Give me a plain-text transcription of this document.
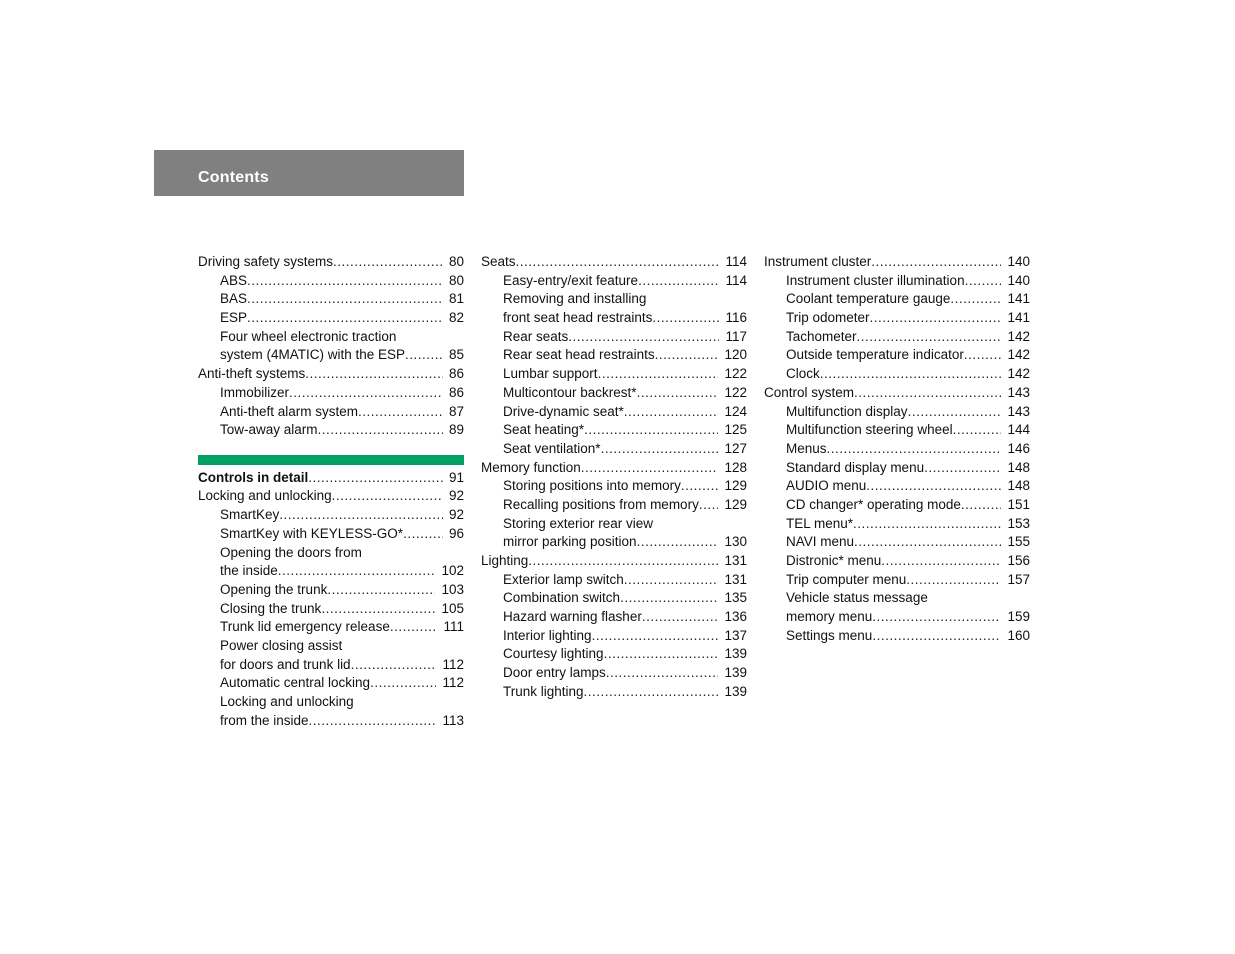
Contents
Driving safety systems .....	80
ABS .....	80
BAS .....	81
ESP .....	82
Four wheel electronic traction
system (4MATIC) with the ESP .....	85
Anti-theft systems .....	86
Immobilizer .....	86
Anti-theft alarm system .....	87
Tow-away alarm .....	89
Controls in detail .....	91
Locking and unlocking .....	92
SmartKey .....	92
SmartKey with KEYLESS-GO* .....	96
Opening the doors from
the inside .....	102
Opening the trunk .....	103
Closing the trunk .....	105
Trunk lid emergency release .....	111
Power closing assist
for doors and trunk lid .....	112
Automatic central locking .....	112
Locking and unlocking
from the inside .....	113
Seats .....	114
Easy-entry/exit feature .....	114
Removing and installing
front seat head restraints .....	116
Rear seats .....	117
Rear seat head restraints .....	120
Lumbar support .....	122
Multicontour backrest* .....	122
Drive-dynamic seat* .....	124
Seat heating* .....	125
Seat ventilation* .....	127
Memory function .....	128
Storing positions into memory .....	129
Recalling positions from memory .....	129
Storing exterior rear view
mirror parking position .....	130
Lighting .....	131
Exterior lamp switch .....	131
Combination switch .....	135
Hazard warning flasher .....	136
Interior lighting .....	137
Courtesy lighting .....	139
Door entry lamps .....	139
Trunk lighting .....	139
Instrument cluster .....	140
Instrument cluster illumination .....	140
Coolant temperature gauge .....	141
Trip odometer .....	141
Tachometer .....	142
Outside temperature indicator .....	142
Clock .....	142
Control system .....	143
Multifunction display .....	143
Multifunction steering wheel .....	144
Menus .....	146
Standard display menu .....	148
AUDIO menu .....	148
CD changer* operating mode .....	151
TEL menu* .....	153
NAVI menu .....	155
Distronic* menu .....	156
Trip computer menu .....	157
Vehicle status message
memory menu .....	159
Settings menu .....	160
